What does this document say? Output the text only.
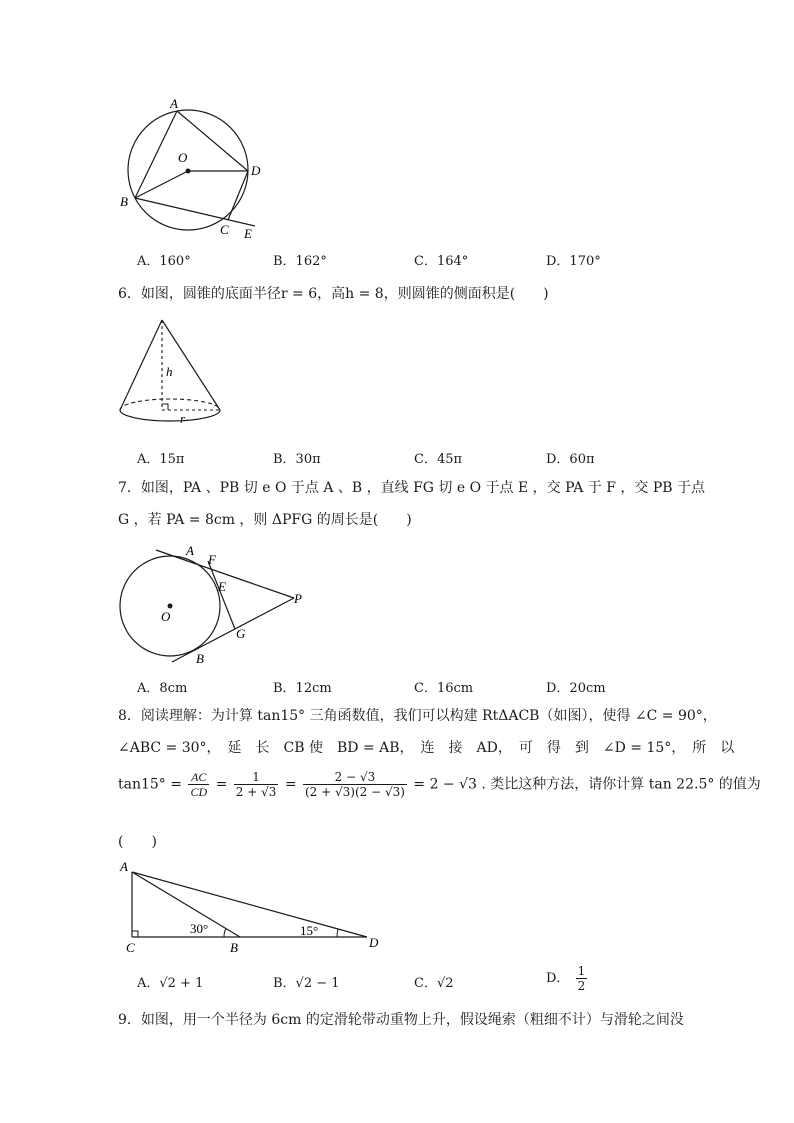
A
O
D
B
C E
A．160°	B．162°	C．164°	D．170°
6．如图，圆锥的底面半径r = 6，高h = 8，则圆锥的侧面积是(　　)
h
r
A．15π	B．30π	C．45π	D．60π
7．如图，PA 、PB 切 e O 于点 A 、B ，直线 FG 切 e O 于点 E ，交 PA 于 F ，交 PB 于点
G ，若 PA = 8cm ，则 ΔPFG 的周长是(　　)
A
F
E
P
O
G
B
A．8cm	B．12cm	C．16cm	D．20cm
8．阅读理解：为计算 tan15° 三角函数值，我们可以构建 RtΔACB（如图），使得 ∠C = 90°，
∠ABC = 30°，　延　长　CB 使　BD = AB，　连　接　AD，　可　得　到　∠D = 15°，　所　以
$\tan 15^\circ = \frac{AC}{CD} = \frac{1}{2 + √3} = \frac{2 - √3}{(2 + √3)(2 - √3)} = 2 - √3$ . 类比这种方法，请你计算 tan 22.5° 的值为
(　　)
A
C	B	D
30°	15°
A．√2 + 1	B．√2 − 1	C．√2	D． $\frac{1}{2}$
9．如图，用一个半径为 6cm 的定滑轮带动重物上升，假设绳索（粗细不计）与滑轮之间没
